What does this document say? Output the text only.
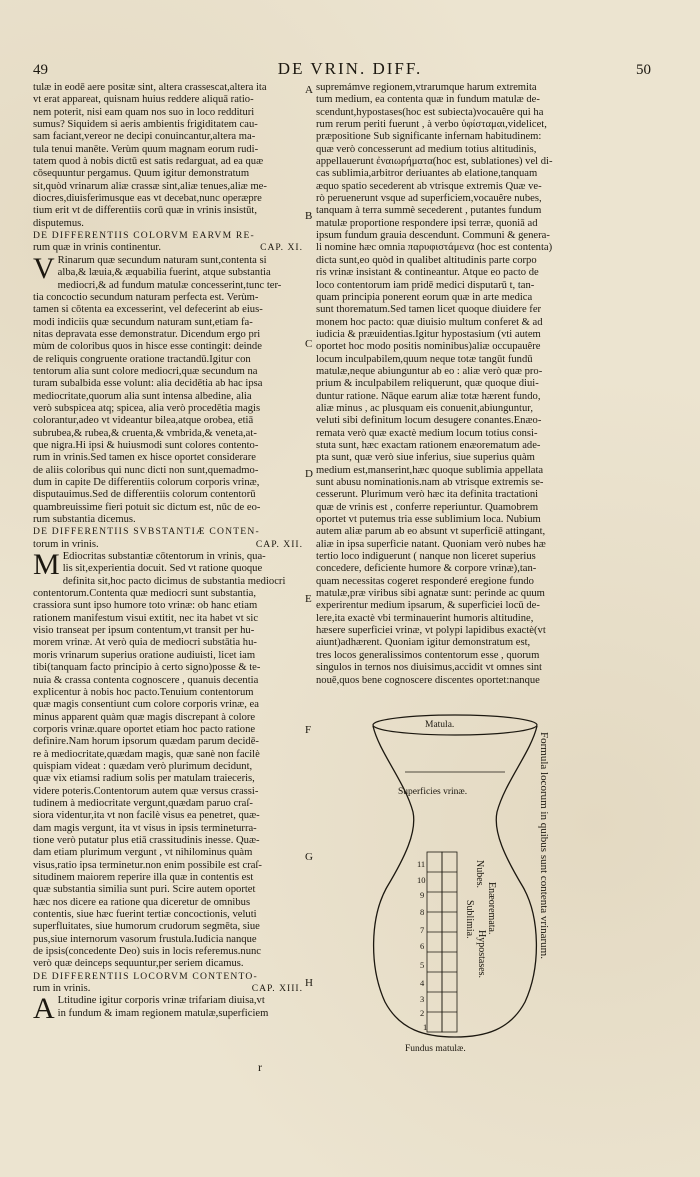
49	DE VRIN. DIFF.	50
tulæ in eodē aere positæ sint, altera crassescat,altera ita
vt erat appareat, quisnam huius reddere aliquā ratio-
nem poterit, nisi eam quam nos suo in loco reddituri
sumus? Siquidem si aeris ambientis frigiditatem cau-
sam faciant,vereor ne decipi conuincantur,altera ma-
tula tenui manēte. Verùm quum magnam eorum rudi-
tatem quod à nobis dictū est satis redarguat, ad ea quæ
cōsequuntur pergamus. Quum igitur demonstratum
sit,quòd vrinarum aliæ crassæ sint,aliæ tenues,aliæ me-
diocres,diuisferimusque eas vt decebat,nunc operæpre
tium erit vt de differentiis corū quæ in vrinis insistūt,
disputemus.
DE DIFFERENTIIS COLORVM EARVM RE-
rum quæ in vrinis continentur.	CAP. XI.
V Rinarum quæ secundum naturam sunt,contenta si
alba,& læuia,& æquabilia fuerint, atque substantia
mediocri,& ad fundum matulæ concesserint,tunc ter-
tia concoctio secundum naturam perfecta est. Verùm-
tamen si cōtenta ea excesserint, vel defecerint ab eius-
modi indiciis quæ secundum naturam sunt,etiam fa-
nitas depravata esse demonstratur. Dicendum ergo pri
mùm de coloribus quos in hisce esse contingit: deinde
de reliquis congruente oratione tractandū.Igitur con
tentorum alia sunt colore mediocri,quæ secundum na
turam subalbida esse volunt: alia decidētia ab hac ipsa
mediocritate,quorum alia sunt intensa albedine, alia
verò subspicea atq; spicea, alia verò procedētia magis
colorantur,adeo vt videantur bilea,atque orobea, etiā
subrubea,& rubea,& cruenta,& vmbrida,& veneta,at-
que nigra.Hi ipsi & huiusmodi sunt colores contento-
rum in vrinis.Sed tamen ex hisce oportet considerare
de aliis coloribus qui nunc dicti non sunt,quemadmo-
dum in capite De differentiis colorum corporis vrinæ,
disputauimus.Sed de differentiis colorum contentorū
quambreuissime fieri potuit sic dictum est, nūc de eo-
rum substantia dicemus.
DE DIFFERENTIIS SVBSTANTIÆ CONTEN-
torum in vrinis.	CAP. XII.
M Ediocritas substantiæ cōtentorum in vrinis, qua-
lis sit,experientia docuit. Sed vt ratione quoque
definita sit,hoc pacto dicimus de substantia mediocri
contentorum.Contenta quæ mediocri sunt substantia,
crassiora sunt ipso humore toto vrinæ: ob hanc etiam
rationem manifestum visui extitit, nec ita habet vt sic
visio transeat per ipsum contentum,vt transit per hu-
morem vrinæ. At verò quia de mediocri substātia hu-
moris vrinarum superius oratione audiuisti, licet iam
tibi(tanquam facto principio à certo signo)posse & te-
nuia & crassa contenta cognoscere , quanuis decentia
explicentur à nobis hoc pacto.Tenuium contentorum
quæ magis consentiunt cum colore corporis vrinæ, ea
minus apparent quàm quæ magis discrepant à colore
corporis vrinæ.quare oportet etiam hoc pacto ratione
definire.Nam horum ipsorum quædam parum decidē-
re à mediocritate,quædam magis, quæ sanè non facilè
quispiam videat : quædam verò plurimum decidunt,
quæ vix etiamsi radium solis per matulam traieceris,
videre poteris.Contentorum autem quæ versus crassi-
tudinem à mediocritate vergunt,quædam paruo craſ-
siora videntur,ita vt non facilè visus ea penetret, quæ-
dam magis vergunt, ita vt visus in ipsis termineturra-
tione verò putatur plus etiā crassitudinis inesse. Quæ-
dam etiam plurimum vergunt , vt nihilominus quàm
visus,ratio ipsa terminetur.non enim possibile est craſ-
situdinem maiorem reperire illa quæ in contentis est
quæ substantia similia sunt puri. Scire autem oportet
hæc nos dicere ea ratione qua diceretur de omnibus
contentis, siue hæc fuerint tertiæ concoctionis, veluti
superfluitates, siue humorum crudorum segmēta, siue
pus,siue internorum vasorum frustula.Iudicia nanque
de ipsis(concedente Deo) suis in locis referemus.nunc
verò quæ deinceps sequuntur,per seriem dicamus.
DE DIFFERENTIIS LOCORVM CONTENTO-
rum in vrinis.	CAP. XIII.
A Ltitudine igitur corporis vrinæ trifariam diuisa,vt
in fundum & imam regionem matulæ,superficiem
supremámve regionem,vtrarumque harum extremita
tum medium, ea contenta quæ in fundum matulæ de-
scendunt,hypostases(hoc est subiecta)vocauêre qui ha
rum rerum periti fuerunt , à verbo ὑφίσταμαι,videlicet,
præpositione Sub significante infernam habitudinem:
quæ verò concesserunt ad medium totius altitudinis,
appellauerunt ἐναιωρήματα(hoc est, sublationes) vel di-
cas sublimia,arbitror deriuantes ab elatione,tanquam
æquo spatio secederent ab vtrisque extremis Quæ ve-
rò peruenerunt vsque ad superficiem,vocauêre nubes,
tanquam à terra summè secederent , putantes fundum
matulæ proportione respondere ipsi terræ, quoniā ad
ipsum fundum grauia descendunt. Communi & genera-
li nomine hæc omnia παρυφιστάμενα (hoc est contenta)
dicta sunt,eo quòd in qualibet altitudinis parte corpo
ris vrinæ insistant & contineantur. Atque eo pacto de
loco contentorum iam pridē medici disputarū t, tan-
quam principia ponerent eorum quæ in arte medica
sunt thorematum.Sed tamen licet quoque diuidere fer
monem hoc pacto: quæ diuisio multum conferet & ad
iudicia & præuidentias.Igitur hypostasium (vti autem
oportet hoc modo positis nominibus)aliæ occupauêre
locum inculpabilem,quum neque totæ tangūt fundū
matulæ,neque abiunguntur ab eo : aliæ verò quæ pro-
prium & inculpabilem reliquerunt, quæ quoque diui-
duntur ratione. Nāque earum aliæ totæ hærent fundo,
aliæ minus , ac plusquam eis conuenit,abiunguntur,
veluti sibi definitum locum desugere conantes.Enæo-
remata verò quæ exactè medium locum totius consi-
stuta sunt, hæc exactam rationem enæorematum ade-
pta sunt, quæ verò siue inferius, siue superius quàm
medium est,manserint,hæc quoque sublimia appellata
sunt abusu nominationis.nam ab vtrisque extremis se-
cesserunt. Plurimum verò hæc ita definita tractationi
quæ de vrinis est , conferre reperiuntur. Quamobrem
oportet vt putemus tria esse sublimium loca. Nubium
autem aliæ parum ab eo absunt vt superficiē attingant,
aliæ in ipsa superficie natant. Quoniam verò nubes hæ
tertio loco indiguerunt ( nanque non liceret superius
concedere, deficiente humore & corpore vrinæ),tan-
quam necessitas cogeret responderé eregione fundo
matulæ,præ viribus sibi agnatæ sunt: perinde ac quum
experirentur medium ipsarum, & superficiei locū de-
lere,ita exactè vbi terminauerint humoris altitudine,
hæsere superficiei vrinæ, vt polypi lapidibus exactè(vt
aiunt)adhærent. Quoniam igitur demonstratum est,
tres locos generalissimos contentorum esse , quorum
singulos in ternos nos diuisimus,accidit vt omnes sint
nouē,quos bene cognoscere discentes oportet:nanque
A
B
C
D
E
F
G
H
Matula.
Superficies vrinæ.
Fundus matulæ.
11
10
9
8
7
6
5
4
3
2
1
Nubes.
Sublimia. Enæoremata.
Hypostases.	Formula locorum in quibus sunt contenta vrinarum.
r
